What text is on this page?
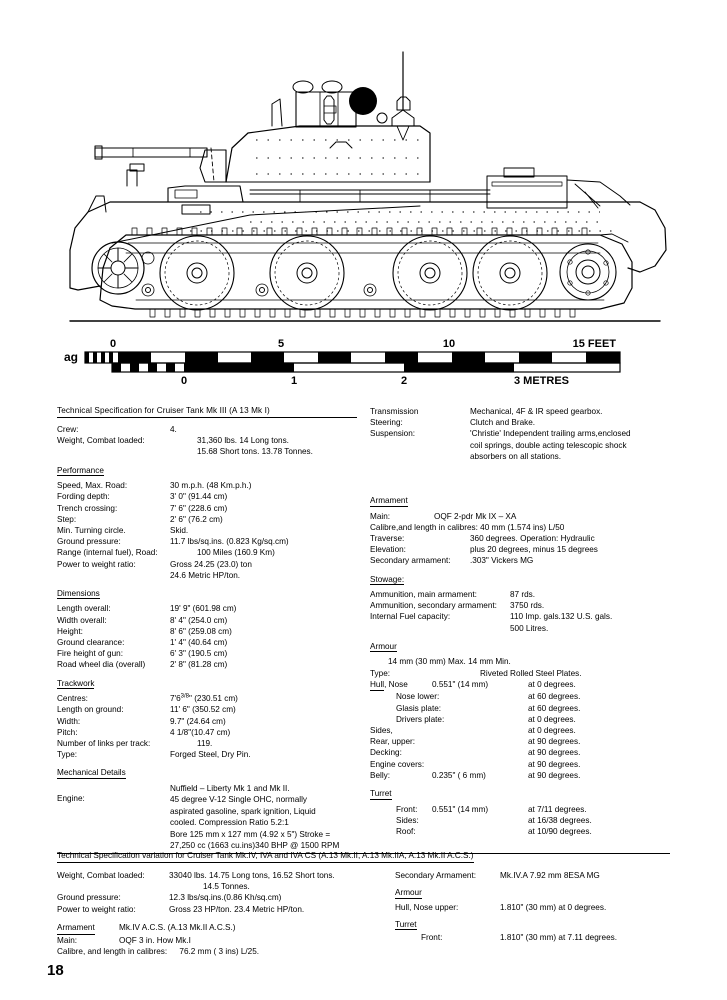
ag
0	5	10	15 FEET
0	1	2	3 METRES
Technical Specification for Cruiser Tank Mk III (A 13 Mk I)
Crew:	4.
Weight, Combat loaded:	31,360 lbs. 14 Long tons.
15.68 Short tons. 13.78 Tonnes.
Performance
Speed, Max. Road:	30 m.p.h. (48 Km.p.h.)
Fording depth:	3' 0" (91.44 cm)
Trench crossing:	7' 6" (228.6 cm)
Step:	2' 6" (76.2 cm)
Min. Turning circle.	Skid.
Ground pressure:	11.7 lbs/sq.ins. (0.823 Kg/sq.cm)
Range (internal fuel), Road:	100 Miles (160.9 Km)
Power to weight ratio:	Gross 24.25 (23.0) ton
24.6 Metric HP/ton.
Dimensions
Length overall:	19' 9" (601.98 cm)
Width overall:	8' 4" (254.0 cm)
Height:	8' 6" (259.08 cm)
Ground clearance:	1' 4" (40.64 cm)
Fire height of gun:	6' 3" (190.5 cm)
Road wheel dia (overall)	2' 8" (81.28 cm)
Trackwork
Centres:	$7'6^{3/8}$" (230.51 cm)
Length on ground:	11' 6" (350.52 cm)
Width:	9.7" (24.64 cm)
Pitch:	4 1/8"(10.47 cm)
Number of links per track:	119.
Type:	Forged Steel, Dry Pin.
Mechanical Details
Engine:
Nuffield – Liberty Mk 1 and Mk II.
45 degree V-12 Single OHC, normally
aspirated gasoline, spark ignition, Liquid
cooled. Compression Ratio 5.2:1
Bore 125 mm x 127 mm (4.92 x 5") Stroke =
27,250 cc (1663 cu.ins)340 BHP @ 1500 RPM
Transmission	Mechanical, 4F & IR speed gearbox.
Steering:	Clutch and Brake.
Suspension:	'Christie' Independent trailing arms,enclosed
coil springs, double acting telescopic shock
absorbers on all stations.
Armament
Main:	OQF 2-pdr Mk IX – XA
Calibre,and length in calibres: 40 mm (1.574 ins) L/50
Traverse:	360 degrees. Operation: Hydraulic
Elevation:	plus 20 degrees, minus 15 degrees
Secondary armament:	.303" Vickers MG
Stowage:
Ammunition, main armament:	87 rds.
Ammunition, secondary armament:	3750 rds.
Internal Fuel capacity:	110 Imp. gals.132 U.S. gals.
500 Litres.
Armour
14 mm (30 mm) Max. 14 mm Min.
Type:	Riveted Rolled Steel Plates.
Hull, Nose	0.551" (14 mm)	at 0 degrees.
Nose lower:	at 60 degrees.
Glasis plate:	at 60 degrees.
Drivers plate:	at 0 degrees.
Sides,	at 0 degrees.
Rear, upper:	at 90 degrees.
Decking:	at 90 degrees.
Engine covers:	at 90 degrees.
Belly:	0.235" ( 6 mm)	at 90 degrees.
Turret
Front:	0.551" (14 mm)	at 7/11 degrees.
Sides:	at 16/38 degrees.
Roof:	at 10/90 degrees.
Technical Specification variation for Cruiser Tank Mk.IV, IVA and IVA CS (A.13 Mk.II, A.13 Mk.IIA, A.13 Mk.II A.C.S.)
Weight, Combat loaded:	33040 lbs. 14.75 Long tons, 16.52 Short tons.
14.5 Tonnes.
Ground pressure:	12.3 lbs/sq.ins.(0.86 Kh/sq.cm)
Power to weight ratio:	Gross 23 HP/ton. 23.4 Metric HP/ton.
Armament	Mk.IV A.C.S. (A.13 Mk.II A.C.S.)
Main:	OQF 3 in. How Mk.I
Calibre, and length in calibres: 76.2 mm ( 3 ins) L/25.
Secondary Armament:	Mk.IV.A 7.92 mm 8ESA MG
Armour
Hull, Nose upper:	1.810" (30 mm) at 0 degrees.
Turret
Front:	1.810" (30 mm) at 7.11 degrees.
18
